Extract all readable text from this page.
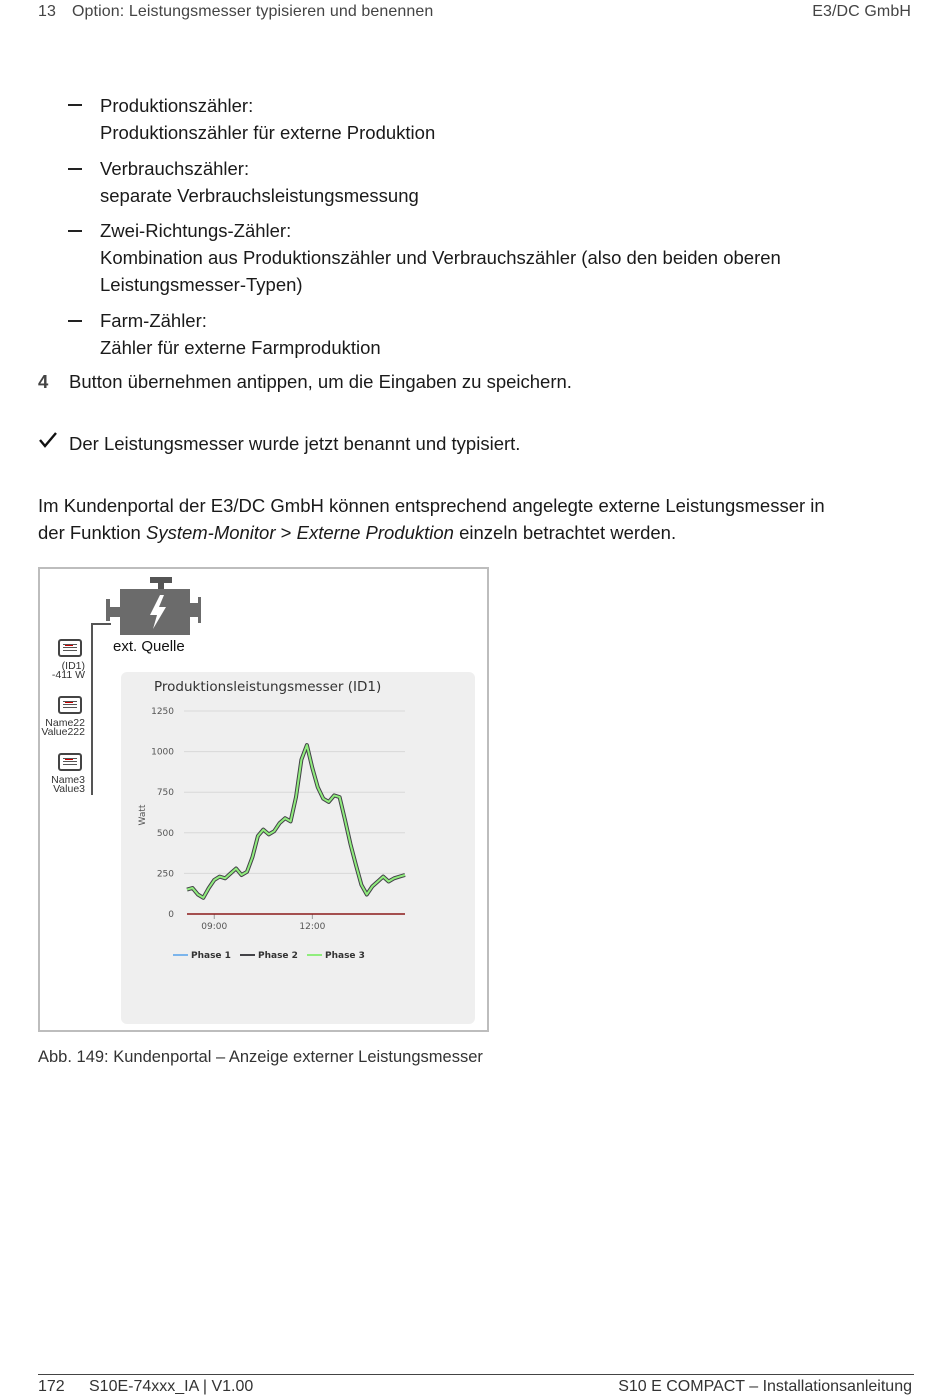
13 Option: Leistungsmesser typisieren und benennen	E3/DC GmbH
Produktionszähler:
Produktionszähler für externe Produktion
Verbrauchszähler:
separate Verbrauchsleistungsmessung
Zwei-Richtungs-Zähler:
Kombination aus Produktionszähler und Verbrauchszähler (also den beiden oberen
Leistungsmesser-Typen)
Farm-Zähler:
Zähler für externe Farmproduktion
4 Button übernehmen antippen, um die Eingaben zu speichern.
Der Leistungsmesser wurde jetzt benannt und typisiert.
Im Kundenportal der E3/DC GmbH können entsprechend angelegte externe Leistungsmesser in
der Funktion System-Monitor > Externe Produktion einzeln betrachtet werden.
ext. Quelle
(ID1)
-411 W
Name22
Value222
Name3
Value3
Produktionsleistungsmesser (ID1)
0
250
500
750
1000
1250
Watt
09:00	12:00
Phase 1	Phase 2	Phase 3
Abb. 149: Kundenportal – Anzeige externer Leistungsmesser
172 S10E-74xxx_IA | V1.00	S10 E COMPACT – Installationsanleitung
